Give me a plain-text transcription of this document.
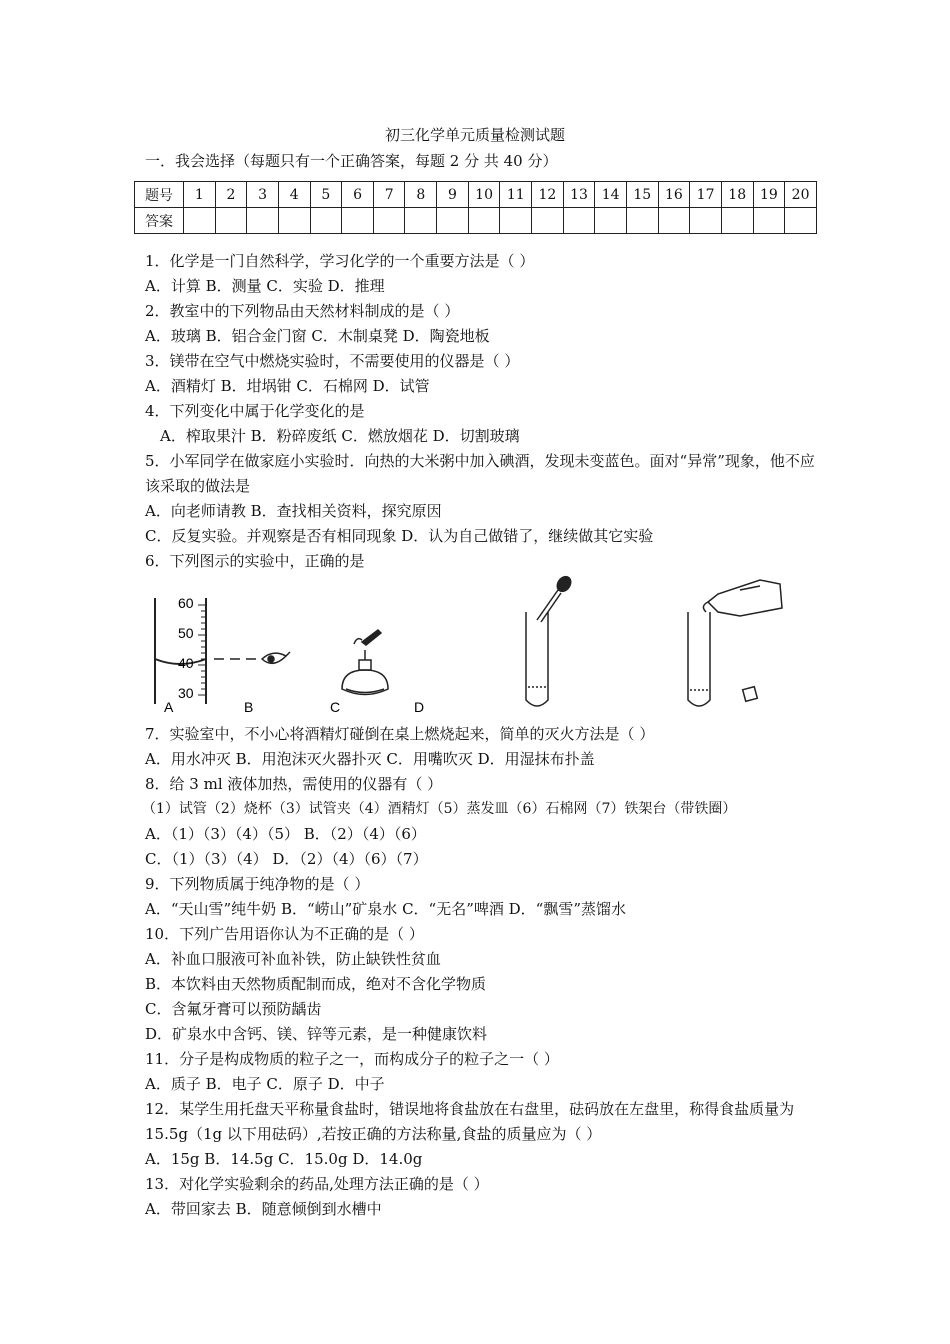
初三化学单元质量检测试题
一．我会选择（每题只有一个正确答案，每题 2 分 共 40 分）
题号	1	2	3	4	5	6	7	8	9	10	11	12	13	14	15	16	17	18	19	20
答案																				
1．化学是一门自然科学，学习化学的一个重要方法是（ ）
A．计算 B．测量 C．实验 D．推理
2．教室中的下列物品由天然材料制成的是（ ）
A．玻璃 B．铝合金门窗 C．木制桌凳 D．陶瓷地板
3．镁带在空气中燃烧实验时，不需要使用的仪器是（ ）
A．酒精灯 B．坩埚钳 C．石棉网 D．试管
4．下列变化中属于化学变化的是
A．榨取果汁 B．粉碎废纸 C．燃放烟花 D．切割玻璃
5．小军同学在做家庭小实验时．向热的大米粥中加入碘酒，发现未变蓝色。面对“异常”现象，他不应该采取的做法是
A．向老师请教 B．查找相关资料，探究原因
C．反复实验。并观察是否有相同现象 D．认为自己做错了，继续做其它实验
6．下列图示的实验中，正确的是
60
50
40
30
A	B	C	D
7．实验室中，不小心将酒精灯碰倒在桌上燃烧起来，简单的灭火方法是（ ）
A．用水冲灭 B．用泡沫灭火器扑灭 C．用嘴吹灭 D．用湿抹布扑盖
8．给 3 ml 液体加热，需使用的仪器有（ ）
（1）试管（2）烧杯（3）试管夹（4）酒精灯（5）蒸发皿（6）石棉网（7）铁架台（带铁圈）
A．（1）（3）（4）（5） B．（2）（4）（6）
C．（1）（3）（4） D．（2）（4）（6）（7）
9．下列物质属于纯净物的是（ ）
A．“天山雪”纯牛奶 B．“崂山”矿泉水 C．“无名”啤酒 D．“飘雪”蒸馏水
10．下列广告用语你认为不正确的是（ ）
A．补血口服液可补血补铁，防止缺铁性贫血
B．本饮料由天然物质配制而成，绝对不含化学物质
C．含氟牙膏可以预防龋齿
D．矿泉水中含钙、镁、锌等元素，是一种健康饮料
11．分子是构成物质的粒子之一，而构成分子的粒子之一（ ）
A．质子 B．电子 C．原子 D．中子
12．某学生用托盘天平称量食盐时，错误地将食盐放在右盘里，砝码放在左盘里，称得食盐质量为 15.5g（1g 以下用砝码）,若按正确的方法称量,食盐的质量应为（ ）
A．15g B．14.5g C．15.0g D．14.0g
13．对化学实验剩余的药品,处理方法正确的是（ ）
A．带回家去 B．随意倾倒到水槽中
